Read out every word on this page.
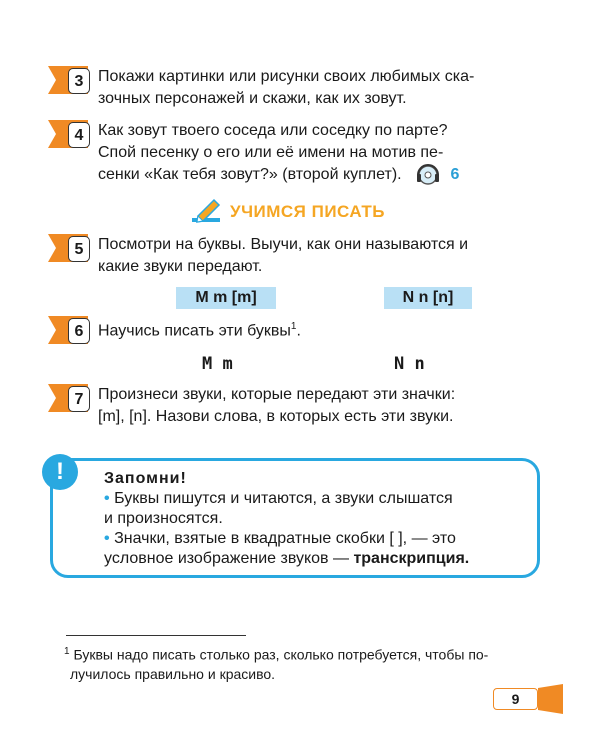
3 Покажи картинки или рисунки своих любимых ска-
зочных персонажей и скажи, как их зовут.
4 Как зовут твоего соседа или соседку по парте?
Спой песенку о его или её имени на мотив пе-
сенки «Как тебя зовут?» (второй куплет).	6
УЧИМСЯ ПИСАТЬ
5 Посмотри на буквы. Выучи, как они называются и
какие звуки передают.
M m [m]	N n [n]
6 Научись писать эти буквы$^1$.
M m	N n
7 Произнеси звуки, которые передают эти значки:
[m], [n]. Назови слова, в которых есть эти звуки.
!	Запомни!
• Буквы пишутся и читаются, а звуки слышатся
и произносятся.
• Значки, взятые в квадратные скобки [ ], — это
условное изображение звуков — транскрипция.
$^1$ Буквы надо писать столько раз, сколько потребуется, чтобы по-
лучилось правильно и красиво.
9
